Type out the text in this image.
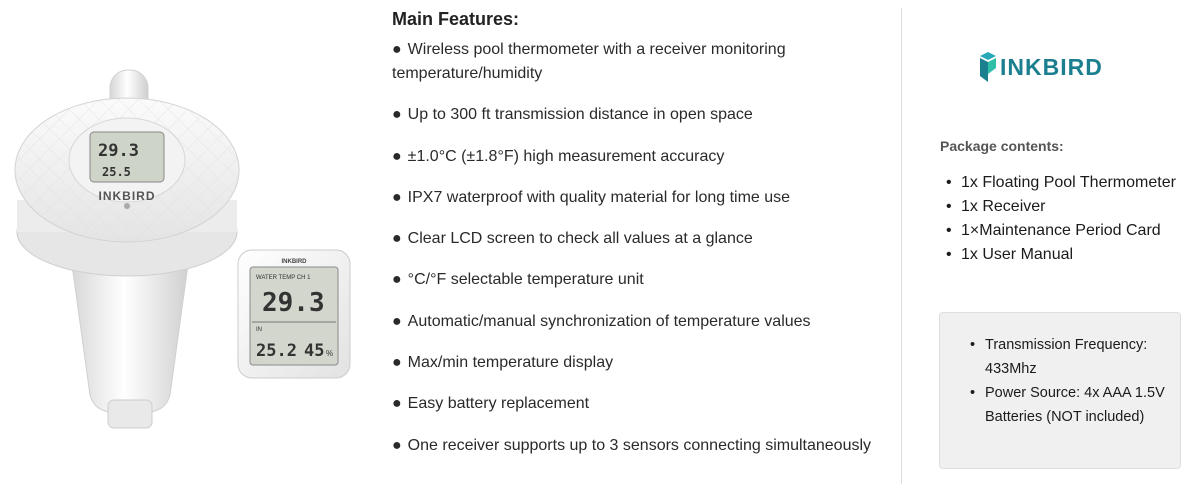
29.3
25.5
INKBIRD
INKBIRD
WATER TEMP CH 1
29.3
IN
25.2 45 %
Main Features:
● Wireless pool thermometer with a receiver monitoring temperature/humidity
● Up to 300 ft transmission distance in open space
● ±1.0°C (±1.8°F) high measurement accuracy
● IPX7 waterproof with quality material for long time use
● Clear LCD screen to check all values at a glance
● °C/°F selectable temperature unit
● Automatic/manual synchronization of temperature values
● Max/min temperature display
● Easy battery replacement
● One receiver supports up to 3 sensors connecting simultaneously
INKBIRD
Package contents:
• 1x Floating Pool Thermometer
• 1x Receiver
• 1×Maintenance Period Card
• 1x User Manual
• Transmission Frequency: 433Mhz
• Power Source: 4x AAA 1.5V Batteries (NOT included)
